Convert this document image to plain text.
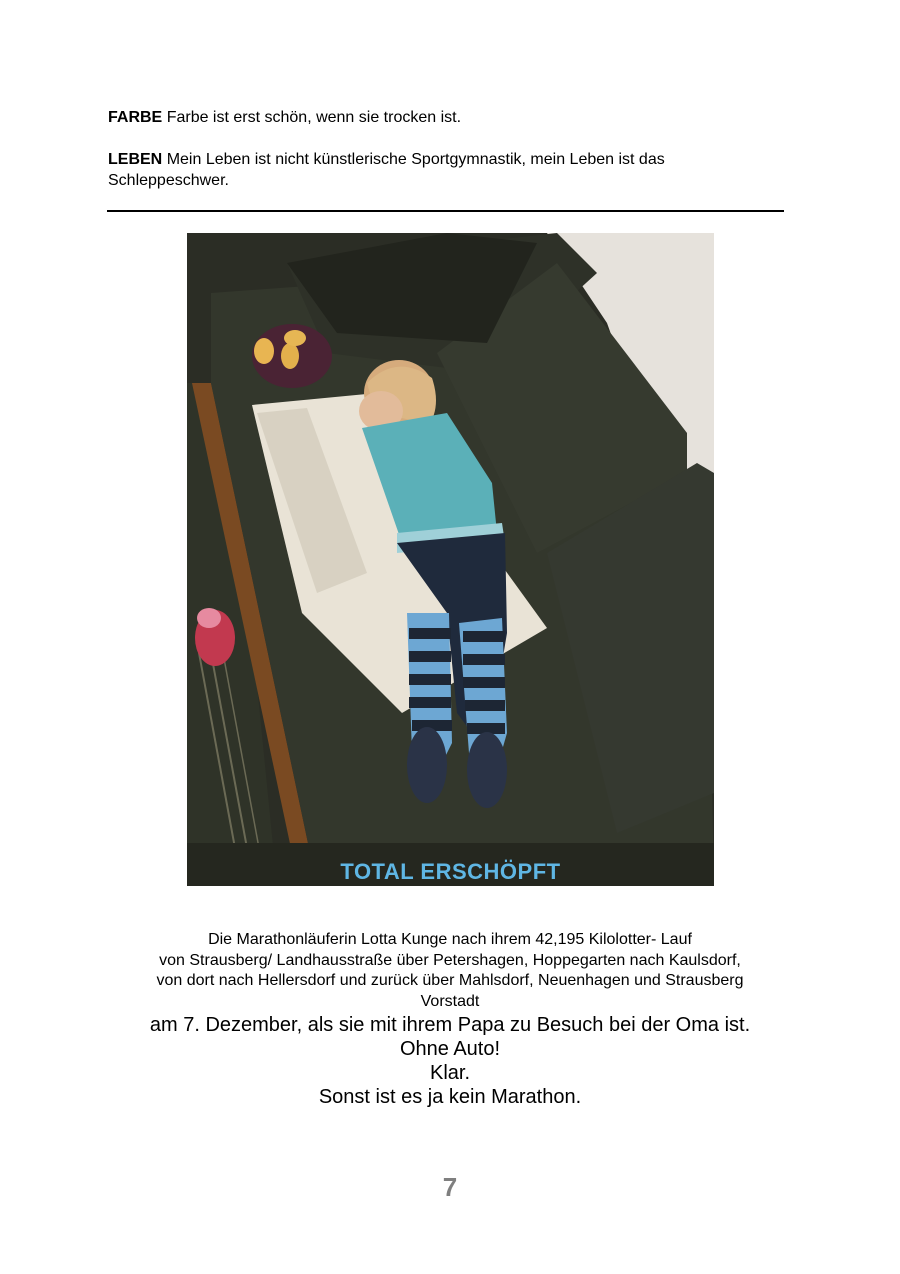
FARBE Farbe ist erst schön, wenn sie trocken ist.
LEBEN Mein Leben ist nicht künstlerische Sportgymnastik, mein Leben ist das Schleppeschwer.
TOTAL ERSCHÖPFT
Die Marathonläuferin Lotta Kunge nach ihrem 42,195 Kilolotter- Lauf
von Strausberg/ Landhausstraße über Petershagen, Hoppegarten nach Kaulsdorf,
von dort nach Hellersdorf und zurück über Mahlsdorf, Neuenhagen und Strausberg
Vorstadt
am 7. Dezember, als sie mit ihrem Papa zu Besuch bei der Oma ist.
Ohne Auto!
Klar.
Sonst ist es ja kein Marathon.
7
